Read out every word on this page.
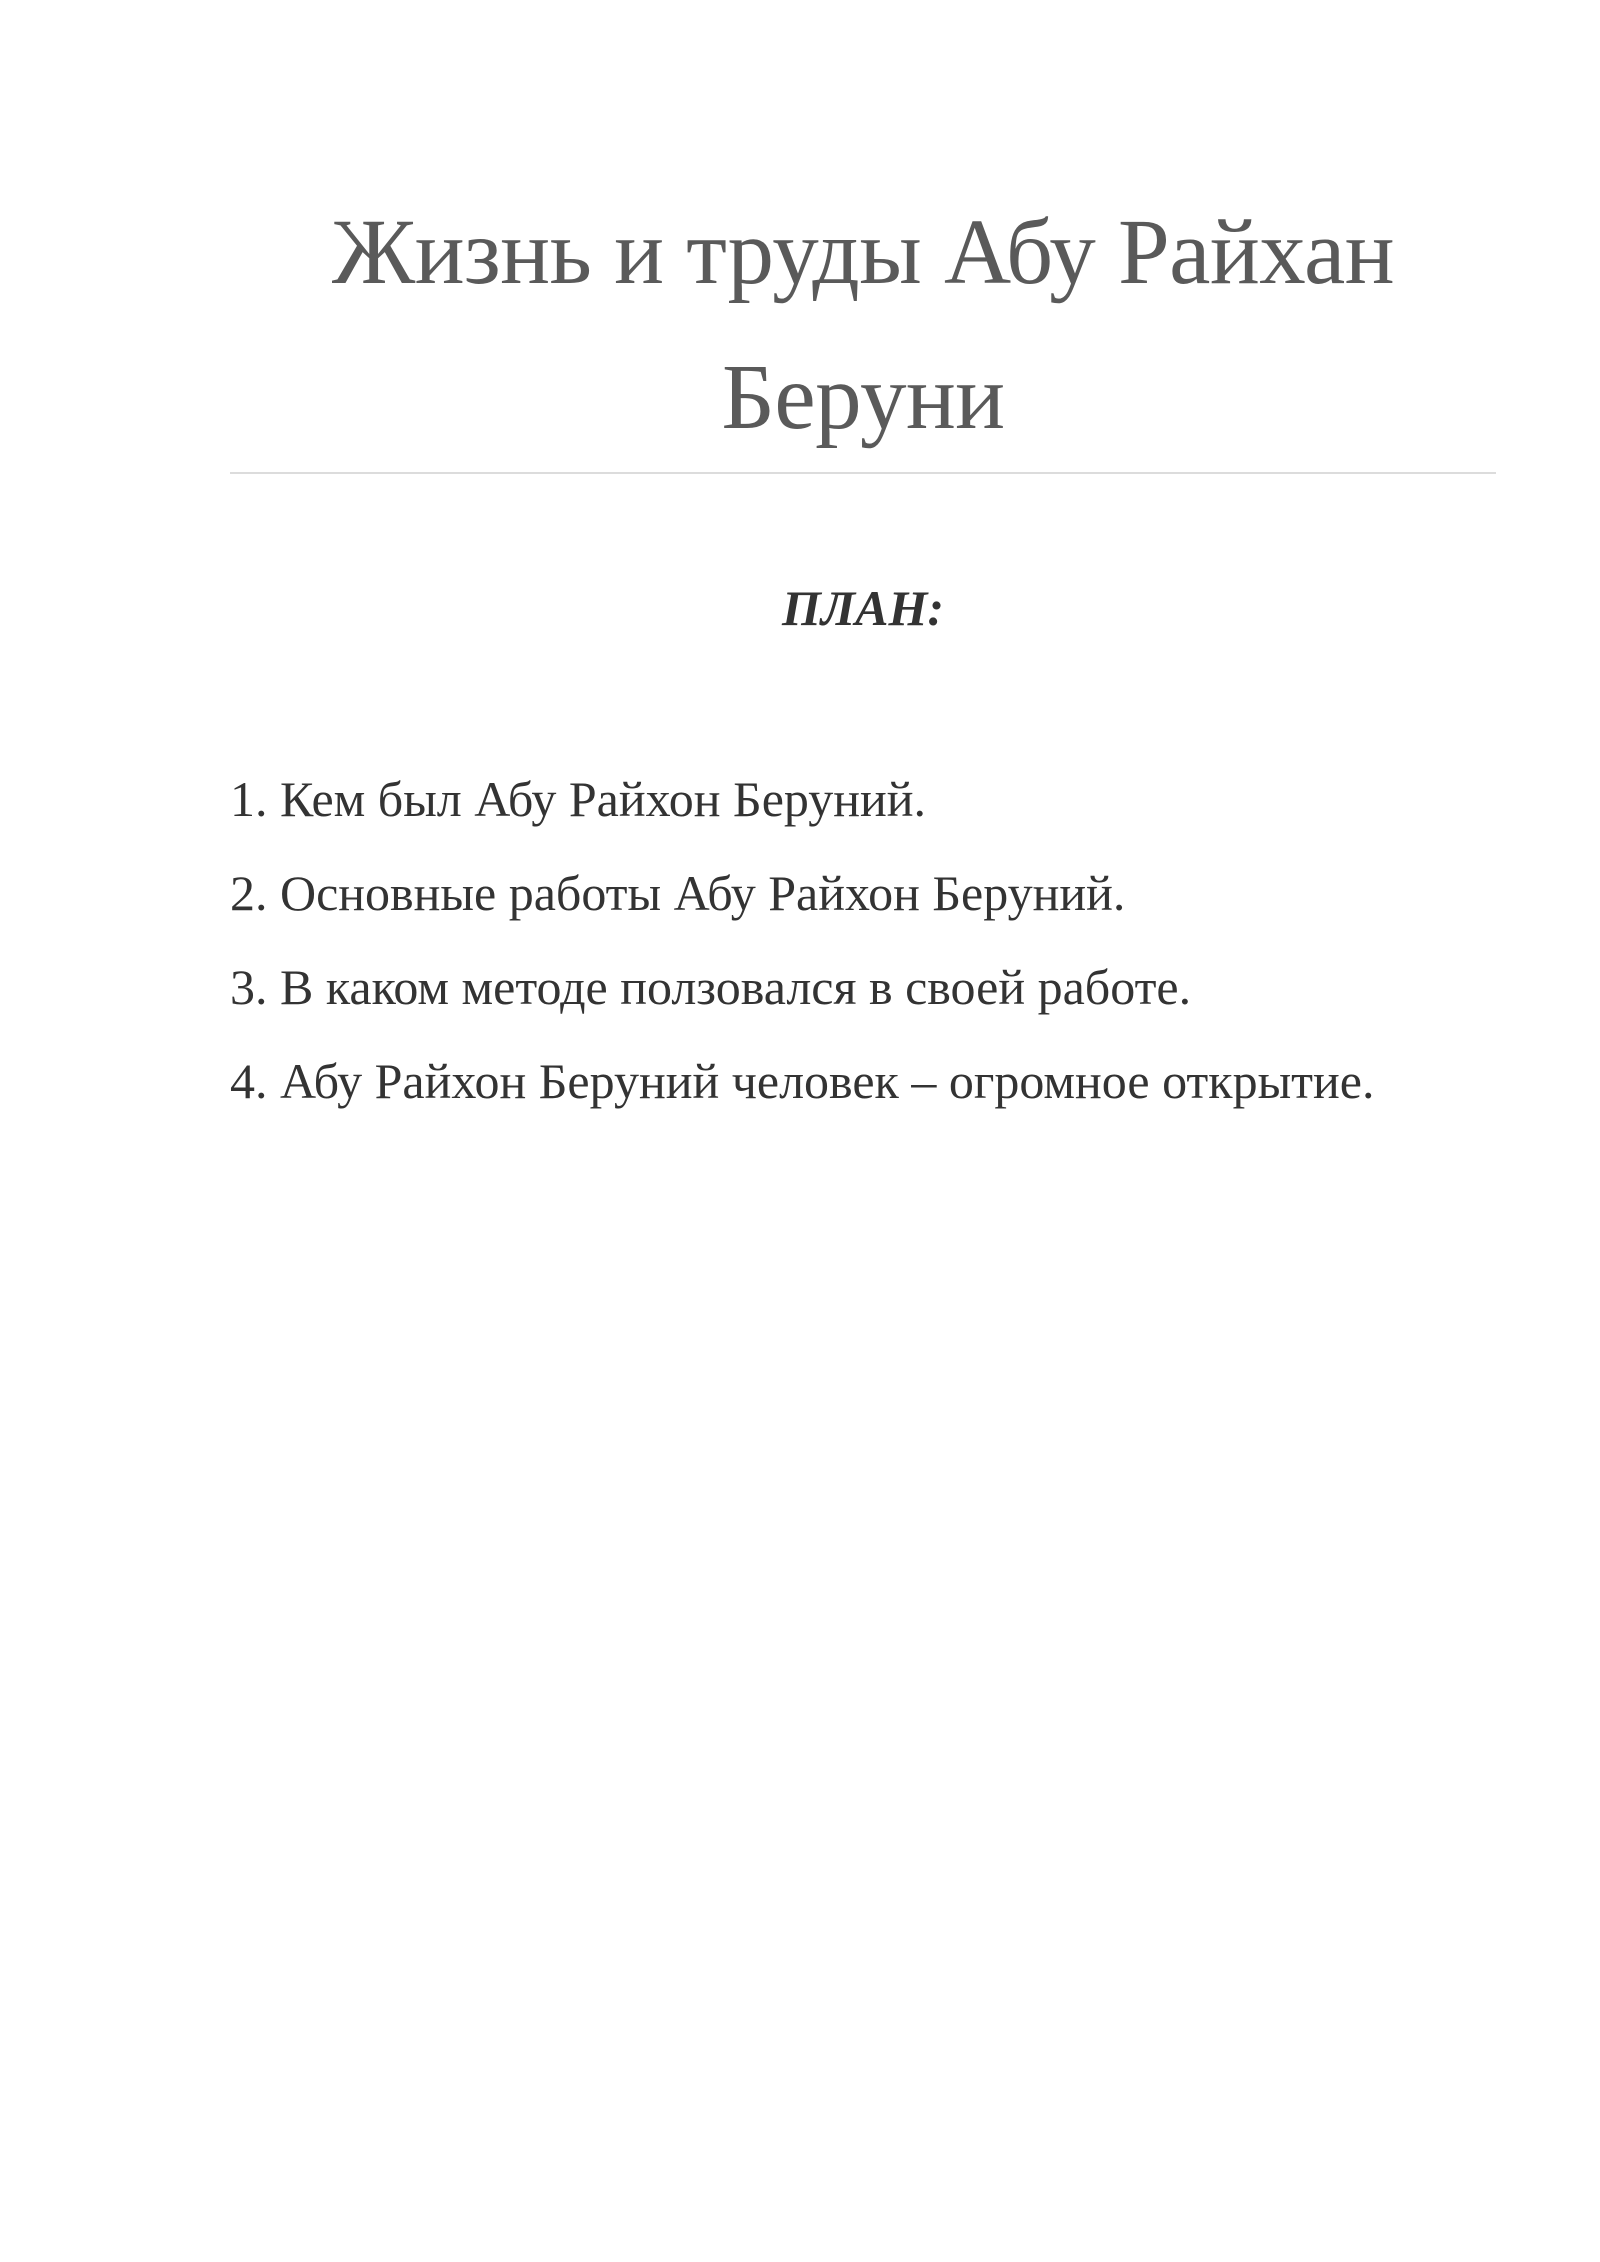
Жизнь и труды Абу Райхан Беруни
ПЛАН:
1. Кем был Абу Райхон Беруний.
2. Основные работы Абу Райхон Беруний.
3. В каком методе ползовался в своей работе.
4. Абу Райхон Беруний человек – огромное открытие.
